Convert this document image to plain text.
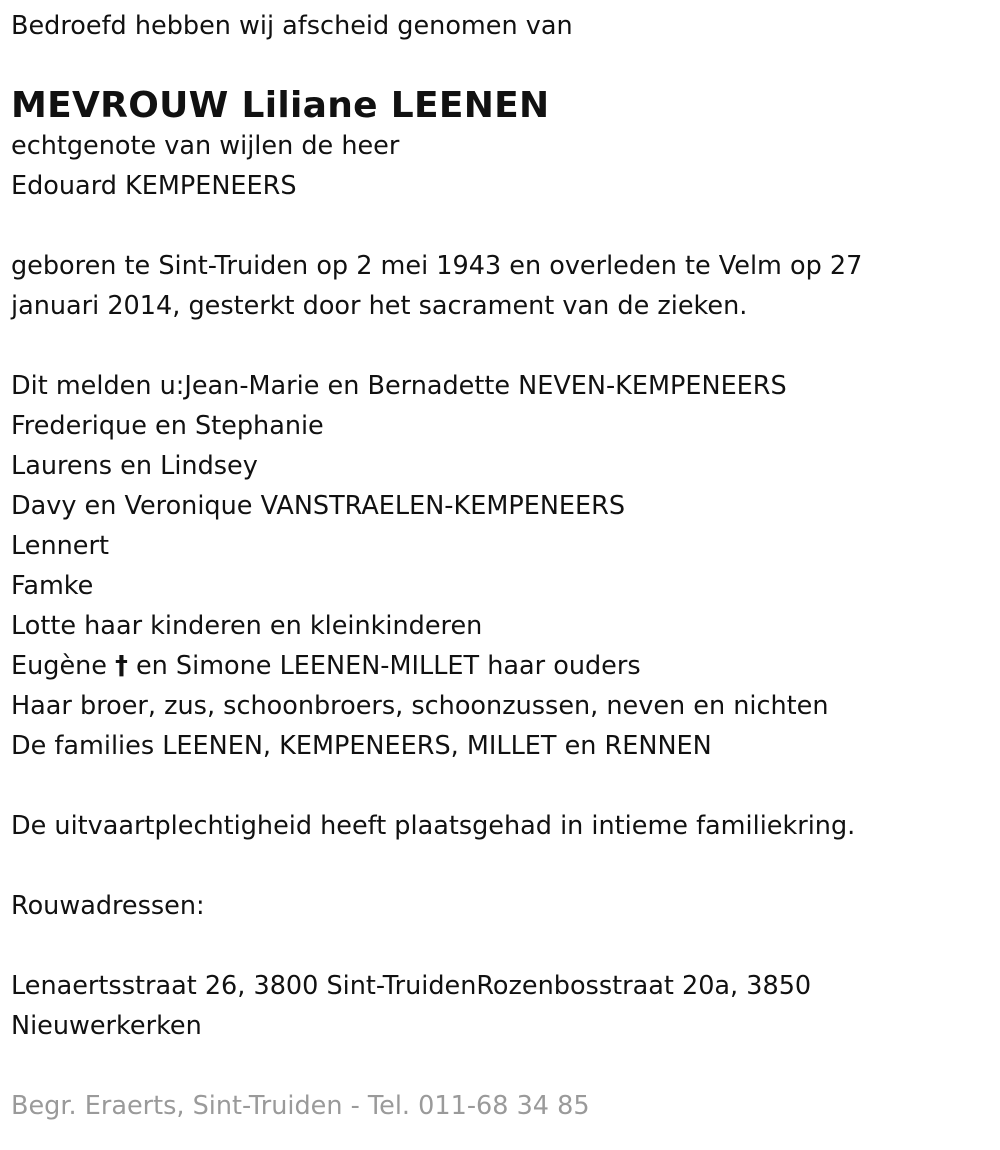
Bedroefd hebben wij afscheid genomen van
MEVROUW Liliane LEENEN
echtgenote van wijlen de heer
Edouard KEMPENEERS
geboren te Sint-Truiden op 2 mei 1943 en overleden te Velm op 27 januari 2014, gesterkt door het sacrament van de zieken.
Dit melden u:Jean-Marie en Bernadette NEVEN-KEMPENEERS
Frederique en Stephanie
Laurens en Lindsey
Davy en Veronique VANSTRAELEN-KEMPENEERS
Lennert
Famke
Lotte haar kinderen en kleinkinderen
Eugène † en Simone LEENEN-MILLET haar ouders
Haar broer, zus, schoonbroers, schoonzussen, neven en nichten
De families LEENEN, KEMPENEERS, MILLET en RENNEN
De uitvaartplechtigheid heeft plaatsgehad in intieme familiekring.
Rouwadressen:
Lenaertsstraat 26, 3800 Sint-TruidenRozenbosstraat 20a, 3850 Nieuwerkerken
Begr. Eraerts, Sint-Truiden - Tel. 011-68 34 85
